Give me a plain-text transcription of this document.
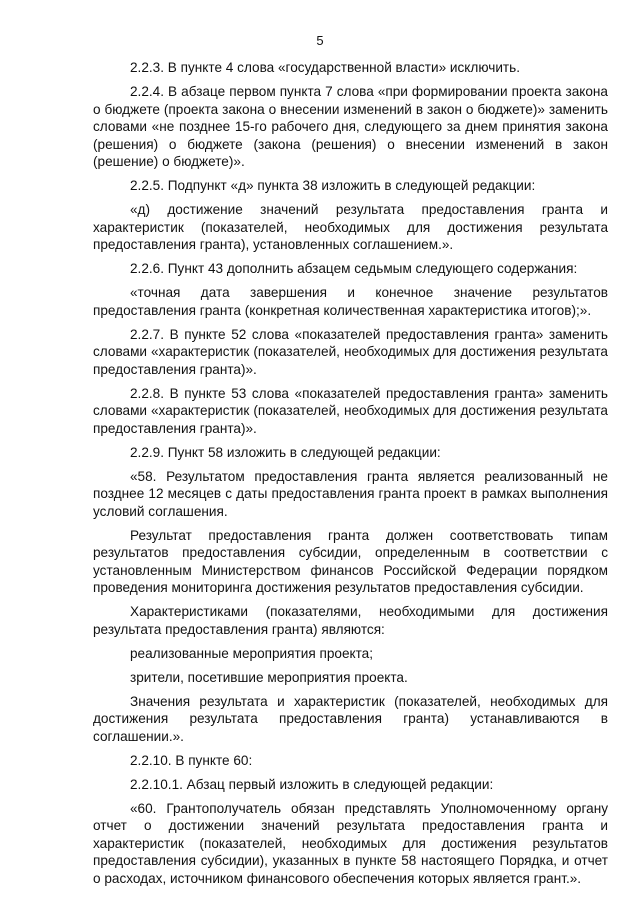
5

2.2.3. В пункте 4 слова «государственной власти» исключить.

2.2.4. В абзаце первом пункта 7 слова «при формировании проекта закона о бюджете (проекта закона о внесении изменений в закон о бюджете)» заменить словами «не позднее 15-го рабочего дня, следующего за днем принятия закона (решения) о бюджете (закона (решения) о внесении изменений в закон (решение) о бюджете)».

2.2.5. Подпункт «д» пункта 38 изложить в следующей редакции:

«д) достижение значений результата предоставления гранта и характеристик (показателей, необходимых для достижения результата предоставления гранта), установленных соглашением.».

2.2.6. Пункт 43 дополнить абзацем седьмым следующего содержания:

«точная дата завершения и конечное значение результатов предоставления гранта (конкретная количественная характеристика итогов);».

2.2.7. В пункте 52 слова «показателей предоставления гранта» заменить словами «характеристик (показателей, необходимых для достижения результата предоставления гранта)».

2.2.8. В пункте 53 слова «показателей предоставления гранта» заменить словами «характеристик (показателей, необходимых для достижения результата предоставления гранта)».

2.2.9. Пункт 58 изложить в следующей редакции:

«58. Результатом предоставления гранта является реализованный не позднее 12 месяцев с даты предоставления гранта проект в рамках выполнения условий соглашения.

Результат предоставления гранта должен соответствовать типам результатов предоставления субсидии, определенным в соответствии с установленным Министерством финансов Российской Федерации порядком проведения мониторинга достижения результатов предоставления субсидии.

Характеристиками (показателями, необходимыми для достижения результата предоставления гранта) являются:

реализованные мероприятия проекта;

зрители, посетившие мероприятия проекта.

Значения результата и характеристик (показателей, необходимых для достижения результата предоставления гранта) устанавливаются в соглашении.».

2.2.10. В пункте 60:

2.2.10.1. Абзац первый изложить в следующей редакции:

«60. Грантополучатель обязан представлять Уполномоченному органу отчет о достижении значений результата предоставления гранта и характеристик (показателей, необходимых для достижения результатов предоставления субсидии), указанных в пункте 58 настоящего Порядка, и отчет о расходах, источником финансового обеспечения которых является грант.».
